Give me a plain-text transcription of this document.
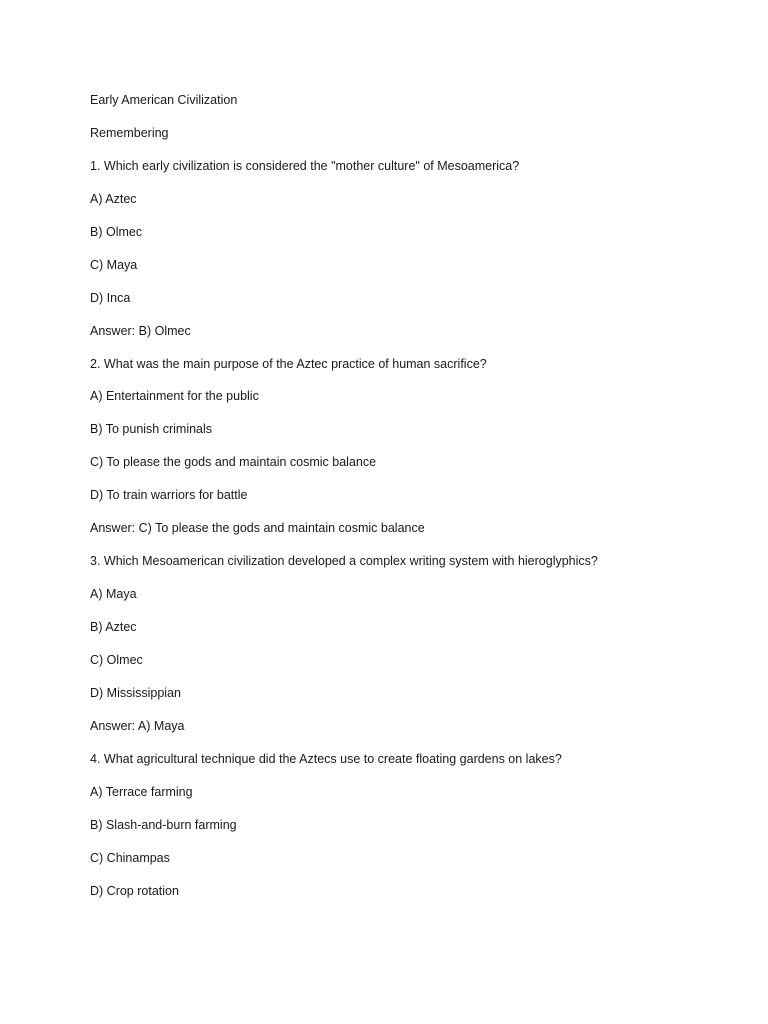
Early American Civilization
Remembering
1. Which early civilization is considered the "mother culture" of Mesoamerica?
A) Aztec
B) Olmec
C) Maya
D) Inca
Answer: B) Olmec
2. What was the main purpose of the Aztec practice of human sacrifice?
A) Entertainment for the public
B) To punish criminals
C) To please the gods and maintain cosmic balance
D) To train warriors for battle
Answer: C) To please the gods and maintain cosmic balance
3. Which Mesoamerican civilization developed a complex writing system with hieroglyphics?
A) Maya
B) Aztec
C) Olmec
D) Mississippian
Answer: A) Maya
4. What agricultural technique did the Aztecs use to create floating gardens on lakes?
A) Terrace farming
B) Slash-and-burn farming
C) Chinampas
D) Crop rotation
